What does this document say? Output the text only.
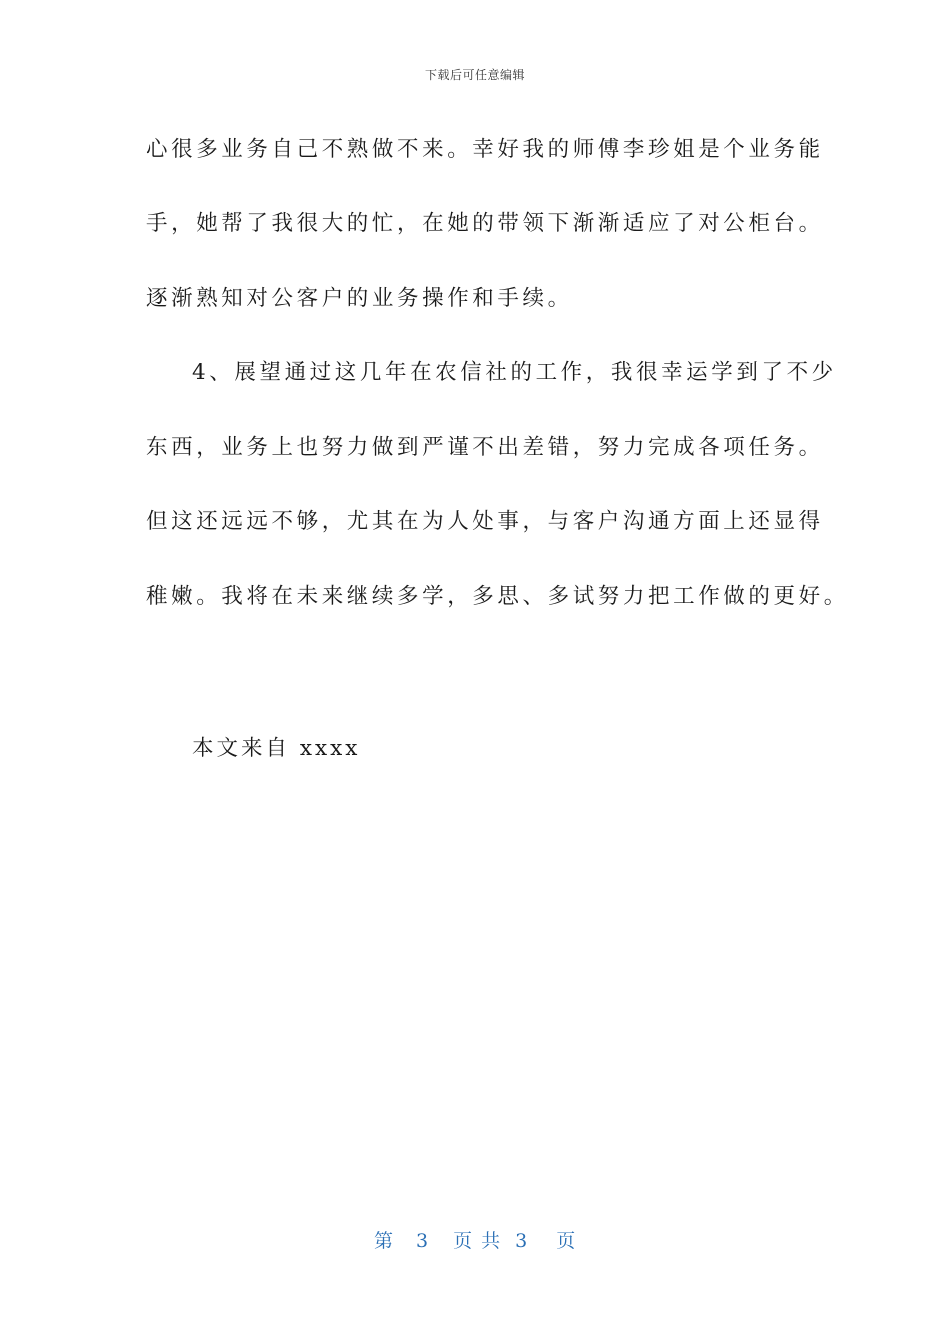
下载后可任意编辑
心很多业务自己不熟做不来。幸好我的师傅李珍姐是个业务能
手，她帮了我很大的忙，在她的带领下渐渐适应了对公柜台。
逐渐熟知对公客户的业务操作和手续。
4、展望通过这几年在农信社的工作，我很幸运学到了不少
东西，业务上也努力做到严谨不出差错，努力完成各项任务。
但这还远远不够，尤其在为人处事，与客户沟通方面上还显得
稚嫩。我将在未来继续多学，多思、多试努力把工作做的更好。
本文来自 xxxx
第 3 页 共 3 页
